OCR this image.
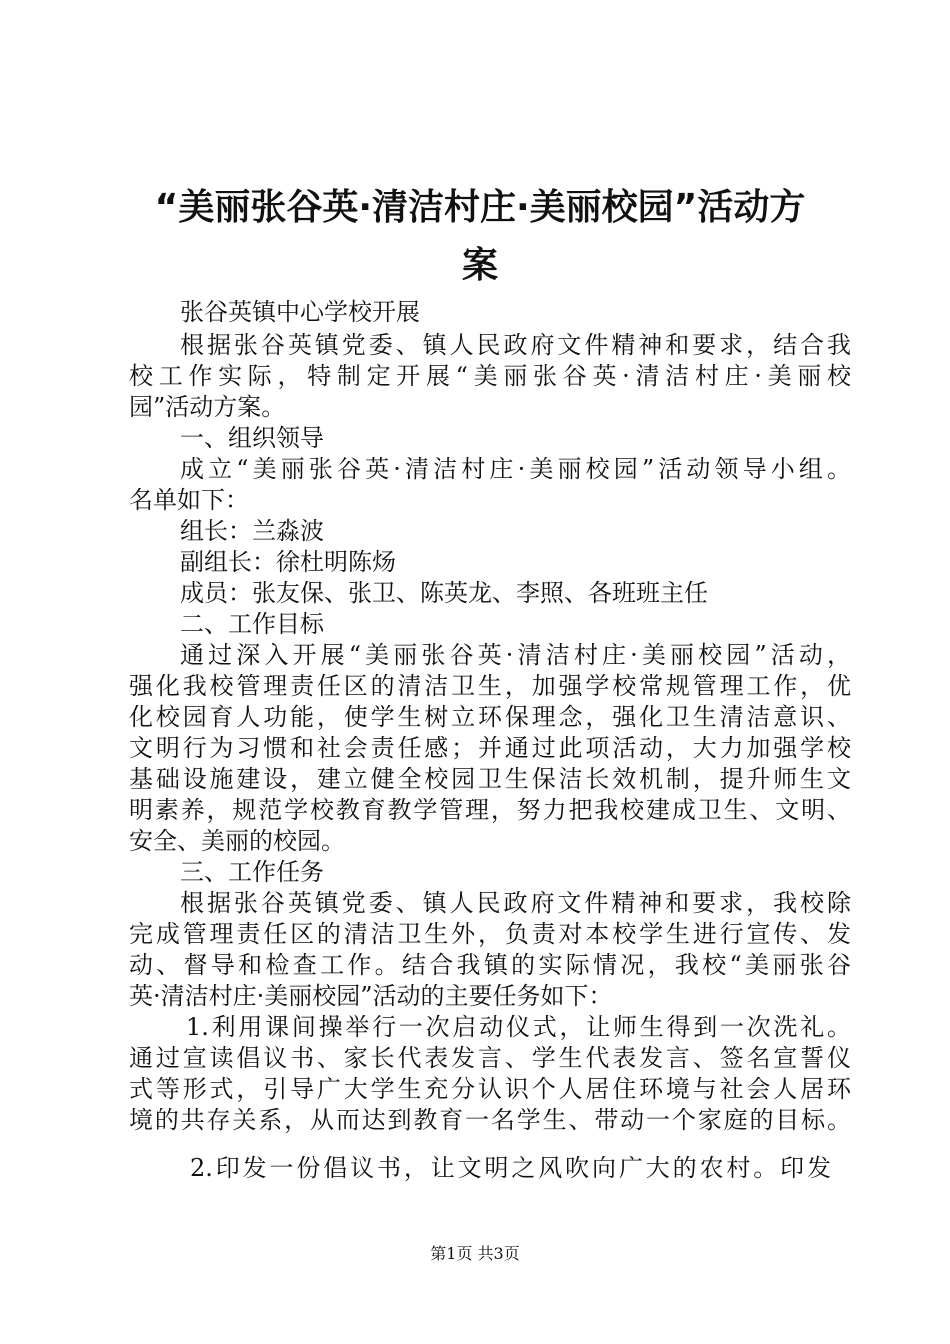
“美丽张谷英·清洁村庄·美丽校园”活动方
案
张谷英镇中心学校开展
根据张谷英镇党委、镇人民政府文件精神和要求，结合我
校工作实际，特制定开展“美丽张谷英·清洁村庄·美丽校
园”活动方案。
一、组织领导
成立“美丽张谷英·清洁村庄·美丽校园”活动领导小组。
名单如下：
组长：兰淼波
副组长：徐杜明陈炀
成员：张友保、张卫、陈英龙、李照、各班班主任
二、工作目标
通过深入开展“美丽张谷英·清洁村庄·美丽校园”活动，
强化我校管理责任区的清洁卫生，加强学校常规管理工作，优
化校园育人功能，使学生树立环保理念，强化卫生清洁意识、
文明行为习惯和社会责任感；并通过此项活动，大力加强学校
基础设施建设，建立健全校园卫生保洁长效机制，提升师生文
明素养，规范学校教育教学管理，努力把我校建成卫生、文明、
安全、美丽的校园。
三、工作任务
根据张谷英镇党委、镇人民政府文件精神和要求，我校除
完成管理责任区的清洁卫生外，负责对本校学生进行宣传、发
动、督导和检查工作。结合我镇的实际情况，我校“美丽张谷
英·清洁村庄·美丽校园”活动的主要任务如下：
1.利用课间操举行一次启动仪式，让师生得到一次洗礼。
通过宣读倡议书、家长代表发言、学生代表发言、签名宣誓仪
式等形式，引导广大学生充分认识个人居住环境与社会人居环
境的共存关系，从而达到教育一名学生、带动一个家庭的目标。
2.印发一份倡议书，让文明之风吹向广大的农村。印发
第1页 共3页
